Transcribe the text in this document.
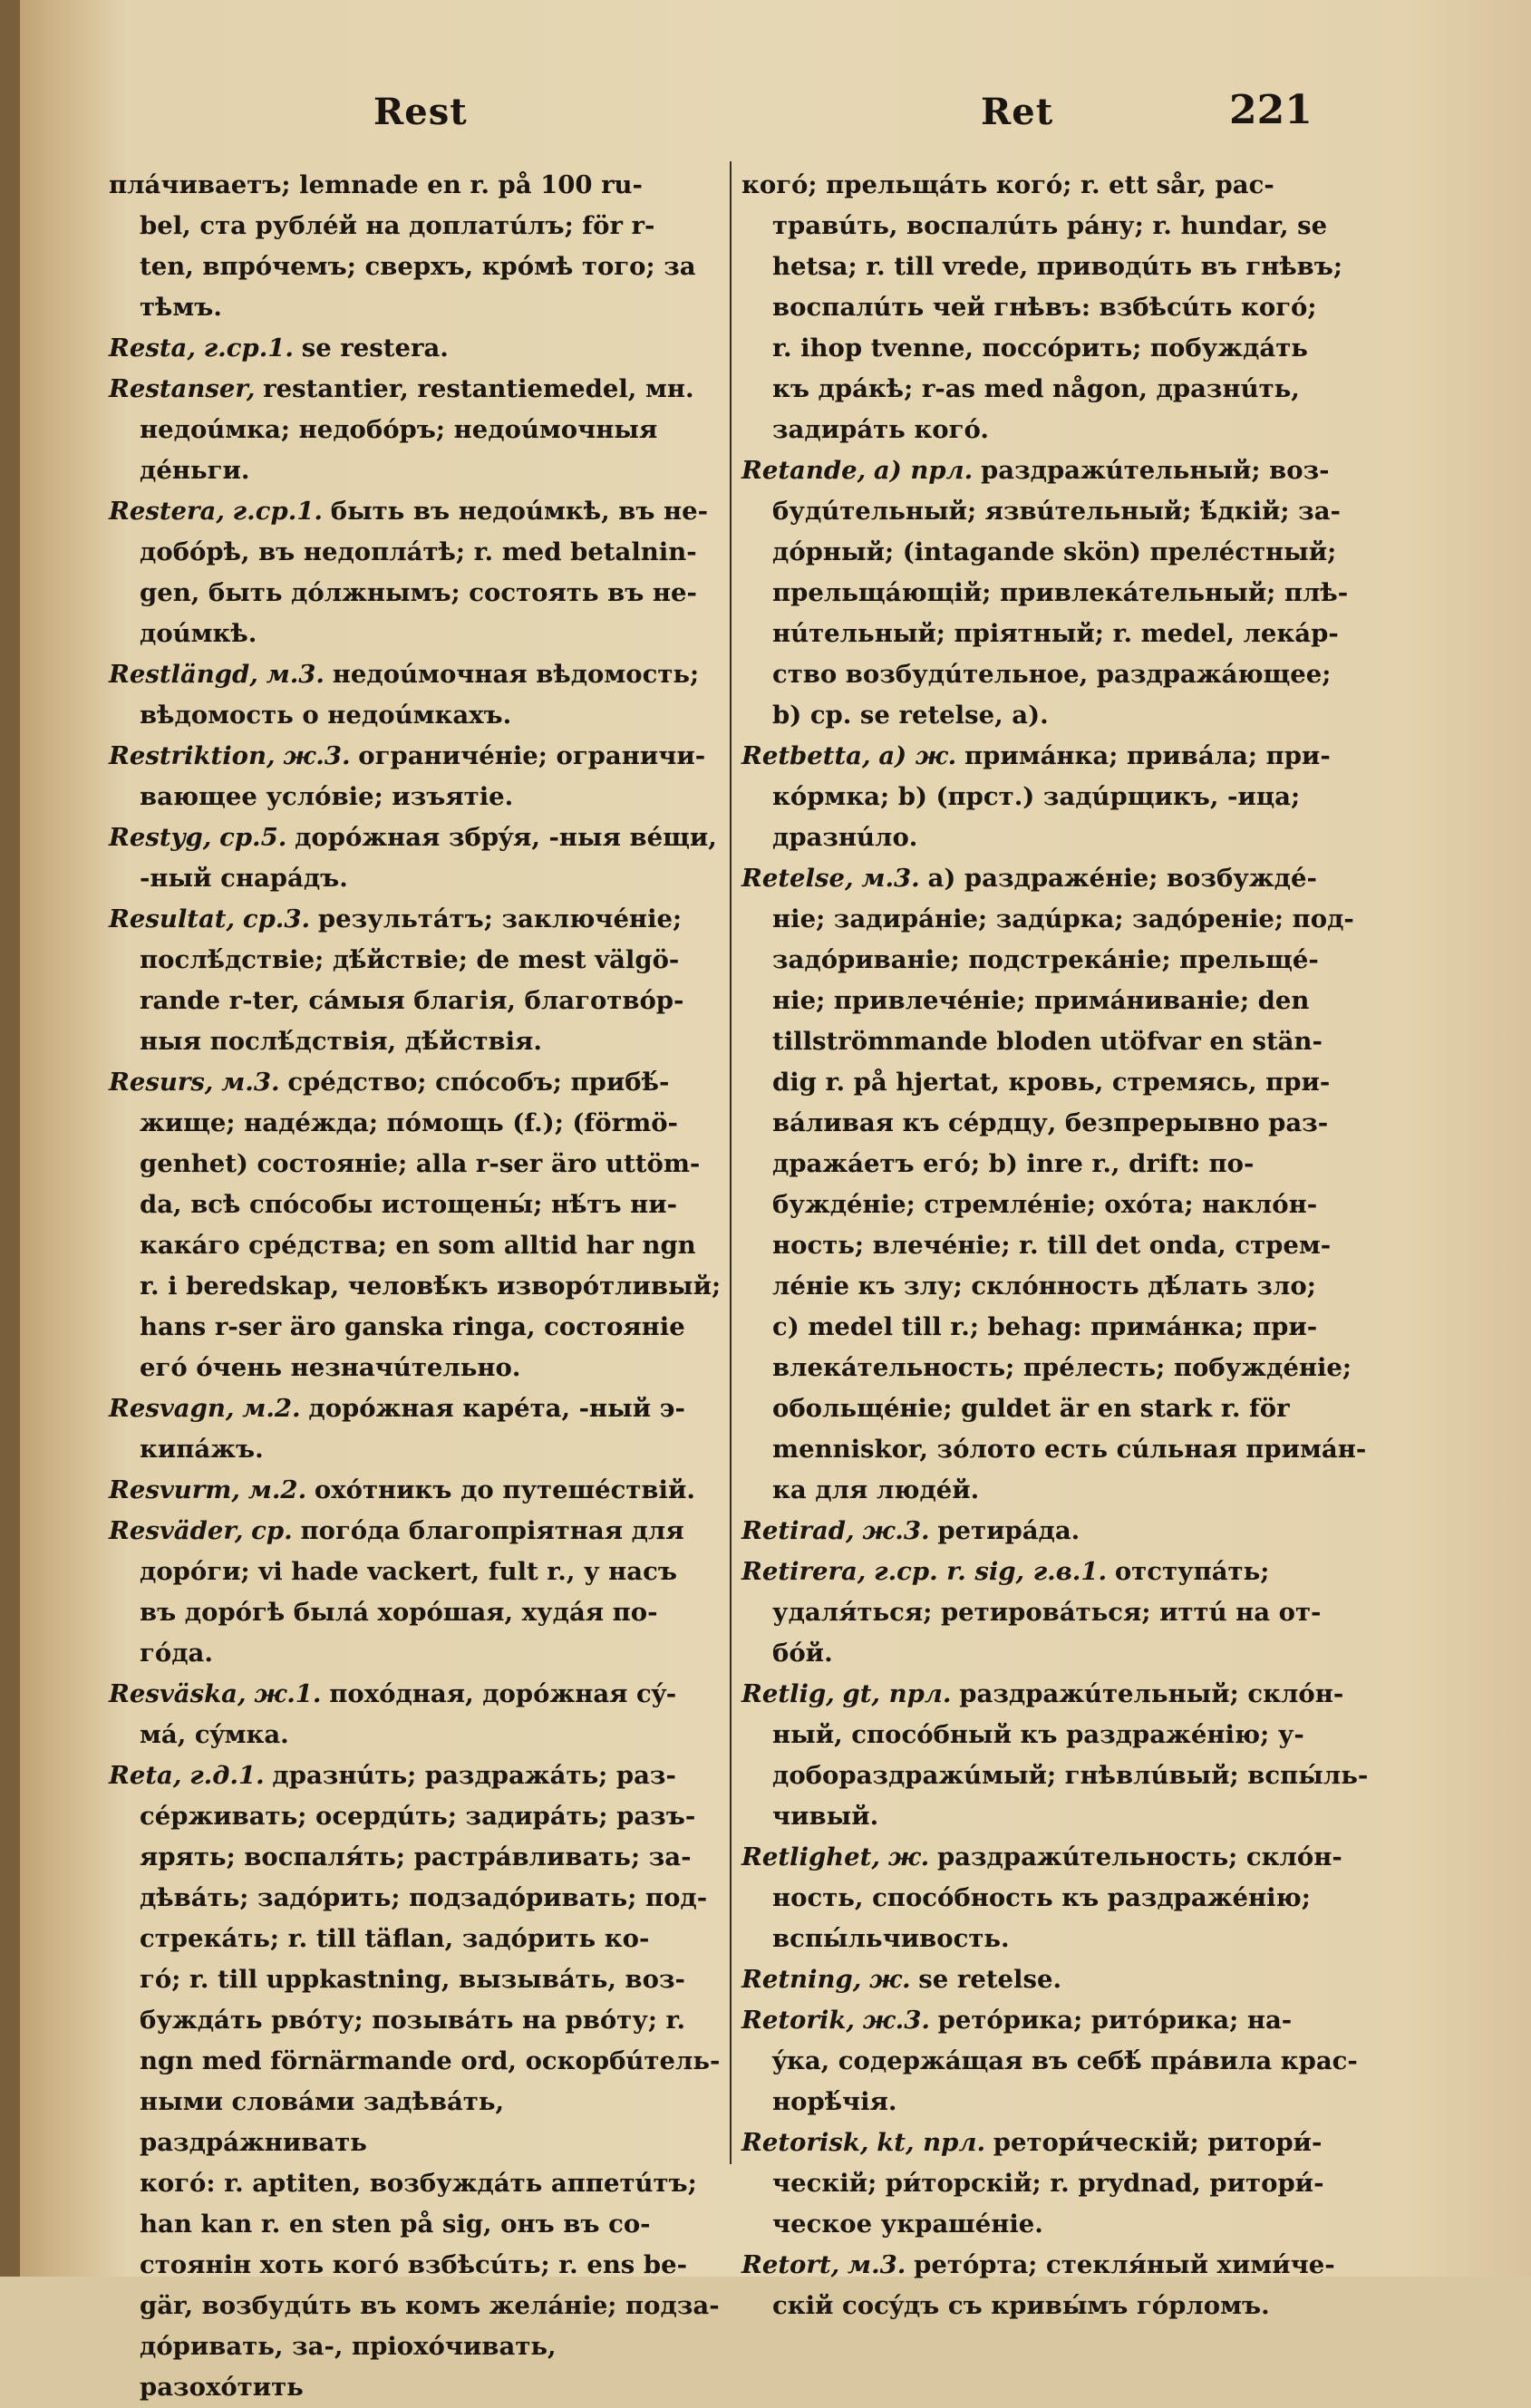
Rest	Ret	221
плáчиваетъ; lemnade en r. på 100 ru-
bel, ста рублéй на доплатúлъ; för r-
ten, впрóчемъ; сверхъ, крóмѣ того; за
тѣмъ.
Resta, г.ср.1. se restera.
Restanser, restantier, restantiemedel, мн.
недоúмка; недобóръ; недоúмочныя
дéньги.
Restera, г.ср.1. быть въ недоúмкѣ, въ не-
добóрѣ, въ недоплáтѣ; r. med betalnin-
gen, быть дóлжнымъ; состоять въ не-
доúмкѣ.
Restlängd, м.3. недоúмочная вѣдомость;
вѣдомость о недоúмкахъ.
Restriktion, ж.3. ограничéніе; ограничи-
вающее услóвіе; изъятіе.
Restyg, ср.5. дорóжная збрýя, -ныя вéщи,
-ный снарáдъ.
Resultat, ср.3. результáтъ; заключéніе;
послѣ́дствіе; дѣ́йствіе; de mest välgö-
rande r-ter, сáмыя благія, благотвóр-
ныя послѣ́дствія, дѣ́йствія.
Resurs, м.3. срéдство; спóсобъ; прибѣ́-
жище; надéжда; пóмощь (f.); (förmö-
genhet) состояніе; alla r-ser äro uttöm-
da, всѣ спóсобы истощены́; нѣ́тъ ни-
какáго срéдства; en som alltid har ngn
r. i beredskap, человѣ́къ изворóтливый;
hans r-ser äro ganska ringa, состояніе
егó óчень незначúтельно.
Resvagn, м.2. дорóжная карéта, -ный э-
кипáжъ.
Resvurm, м.2. охóтникъ до путешéствій.
Resväder, ср. погóда благопріятная для
дорóги; vi hade vackert, fult r., у насъ
въ дорóгѣ былá хорóшая, худáя по-
гóда.
Resväska, ж.1. похóдная, дорóжная сý-
мá, сýмка.
Reta, г.д.1. дразнúть; раздражáть; раз-
сéрживать; осердúть; задирáть; разъ-
ярять; воспаля́ть; растрáвливать; за-
дѣвáть; задóрить; подзадóривать; под-
стрекáть; r. till täflan, задóрить ко-
гó; r. till uppkastning, вызывáть, воз-
буждáть рвóту; позывáть на рвóту; r.
ngn med förnärmande ord, оскорбúтель-
ными словáми задѣвáть, раздрáжнивать
когó: r. aptiten, возбуждáть аппетúтъ;
han kan r. en sten på sig, онъ въ со-
стоянін хоть когó взбѣсúть; r. ens be-
gär, возбудúть въ комъ желáніе; подза-
дóривать, за-, пріохóчивать, разохóтить
когó; прельщáть когó; r. ett sår, рас-
травúть, воспалúть рáну; r. hundar, se
hetsa; r. till vrede, приводúть въ гнѣвъ;
воспалúть чей гнѣвъ: взбѣсúть когó;
r. ihop tvenne, поссóрить; побуждáть
къ дрáкѣ; r-as med någon, дразнúть,
задирáть когó.
Retande, а) прл. раздражúтельный; воз-
будúтельный; язвúтельный; ѣ́дкій; за-
дóрный; (intagande skön) прелéстный;
прельщáющій; привлекáтельный; плѣ-
нúтельный; пріятный; r. medel, лекáр-
ство возбудúтельное, раздражáющее;
b) ср. se retelse, а).
Retbetta, а) ж. примáнка; привáла; при-
кóрмка; b) (прст.) задúрщикъ, -ица;
дразнúло.
Retelse, м.3. а) раздражéніе; возбуждé-
ніе; задирáніе; задúрка; задóреніе; под-
задóриваніе; подстрекáніе; прельщé-
ніе; привлечéніе; примáниваніе; den
tillströmmande bloden utöfvar en stän-
dig r. på hjertat, кровь, стремясь, при-
вáливая къ сéрдцу, безпрерывно раз-
дражáетъ егó; b) inre r., drift: по-
буждéніе; стремлéніе; охóта; наклóн-
ность; влечéніе; r. till det onda, стрем-
лéніе къ злу; склóнность дѣ́лать зло;
c) medel till r.; behag: примáнка; при-
влекáтельность; прéлесть; побуждéніе;
обольщéніе; guldet är en stark r. för
menniskor, зóлото есть сúльная примáн-
ка для людéй.
Retirad, ж.3. ретирáда.
Retirera, г.ср. r. sig, г.в.1. отступáть;
удаля́ться; ретировáться; иттú на от-
бóй.
Retlig, gt, прл. раздражúтельный; склóн-
ный, спосóбный къ раздражéнію; у-
добораздражúмый; гнѣвлúвый; вспы́ль-
чивый.
Retlighet, ж. раздражúтельность; склóн-
ность, спосóбность къ раздражéнію;
вспы́льчивость.
Retning, ж. se retelse.
Retorik, ж.3. ретóрика; ритóрика; на-
ýка, содержáщая въ себѣ́ прáвила крас-
норѣ́чія.
Retorisk, kt, прл. ретори́ческій; ритори́-
ческій; ри́торскій; r. prydnad, ритори́-
ческое украшéніе.
Retort, м.3. ретóрта; стекля́ный хими́че-
скій сосýдъ съ кривы́мъ гóрломъ.
